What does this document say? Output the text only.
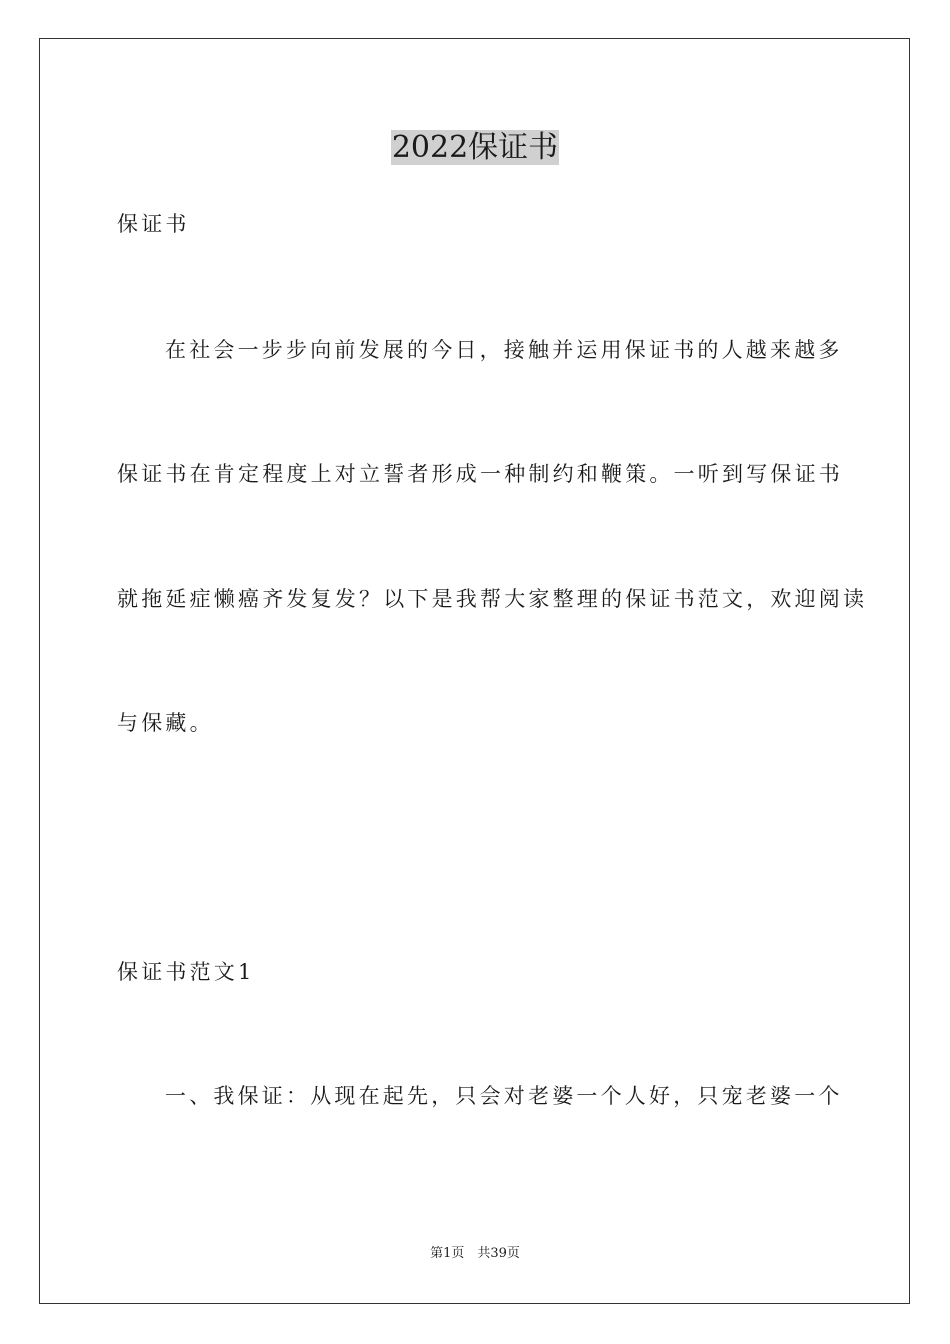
2022保证书
保证书
在社会一步步向前发展的今日，接触并运用保证书的人越来越多
保证书在肯定程度上对立誓者形成一种制约和鞭策。一听到写保证书
就拖延症懒癌齐发复发？以下是我帮大家整理的保证书范文，欢迎阅读
与保藏。
保证书范文1
一、我保证：从现在起先，只会对老婆一个人好，只宠老婆一个
第1页　共39页
